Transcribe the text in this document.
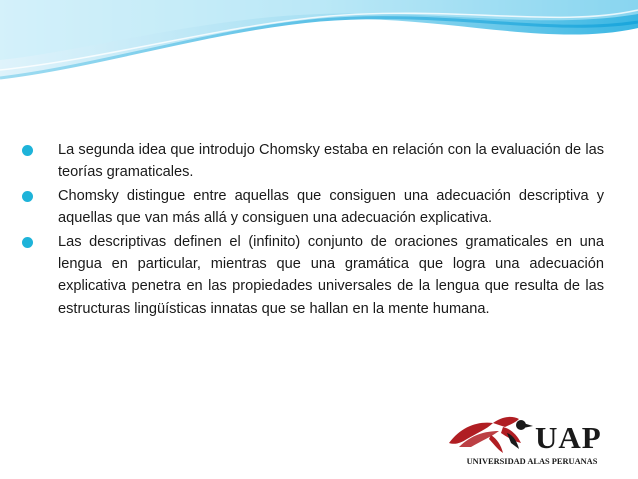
La segunda idea que introdujo Chomsky estaba en relación con la evaluación de las teorías gramaticales.
Chomsky distingue entre aquellas que consiguen una adecuación descriptiva y aquellas que van más allá y consiguen una adecuación explicativa.
Las descriptivas definen el (infinito) conjunto de oraciones gramaticales en una lengua en particular, mientras que una gramática que logra una adecuación explicativa penetra en las propiedades universales de la lengua que resulta de las estructuras lingüísticas innatas que se hallan en la mente humana.
UAP
UNIVERSIDAD ALAS PERUANAS
